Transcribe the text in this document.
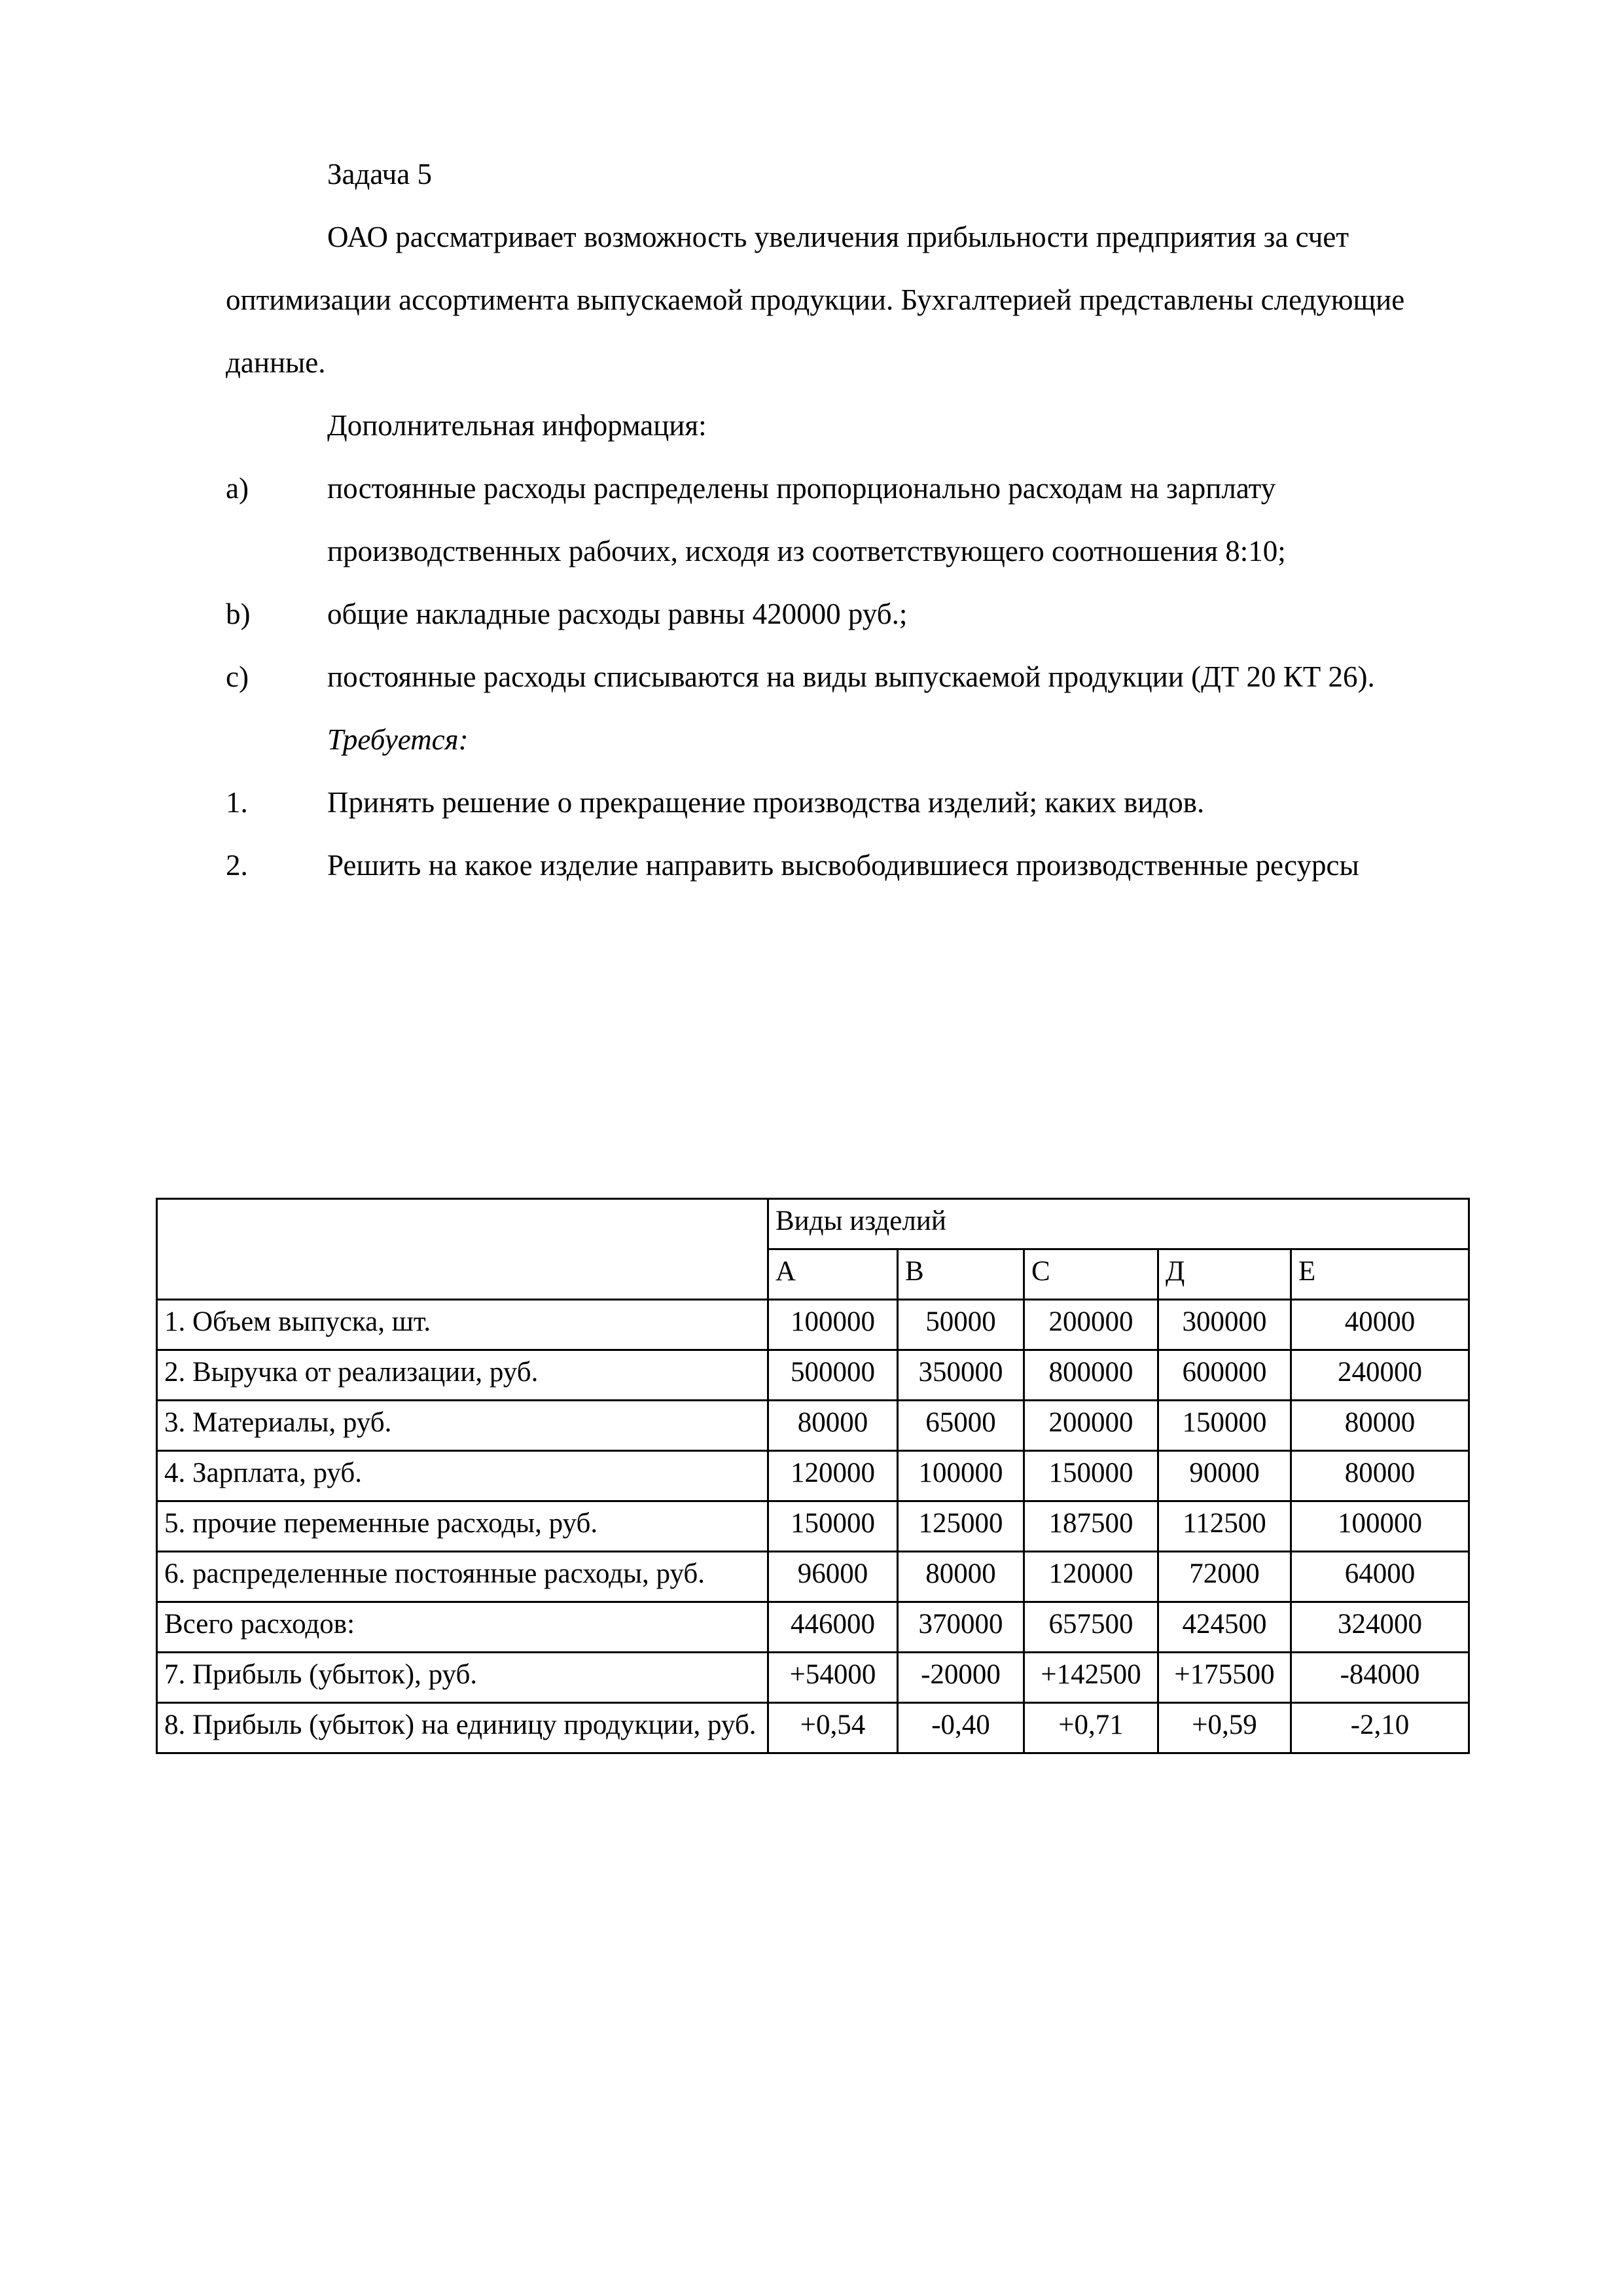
Задача 5

ОАО рассматривает возможность увеличения прибыльности предприятия за счет оптимизации ассортимента выпускаемой продукции. Бухгалтерией представлены следующие данные.

Дополнительная информация:

a)	постоянные расходы распределены пропорционально расходам на зарплату производственных рабочих, исходя из соответствующего соотношения 8:10;

b)	общие накладные расходы равны 420000 руб.;

c)	постоянные расходы списываются на виды выпускаемой продукции (ДТ 20 КТ 26).

Требуется:

1.	Принять решение о прекращение производства изделий; каких видов.

2.	Решить на какое изделие направить высвободившиеся производственные ресурсы

	Виды изделий				
	A	B	C	Д	Е
1. Объем выпуска, шт.	100000	50000	200000	300000	40000
2. Выручка от реализации, руб.	500000	350000	800000	600000	240000
3. Материалы, руб.	80000	65000	200000	150000	80000
4. Зарплата, руб.	120000	100000	150000	90000	80000
5. прочие переменные расходы, руб.	150000	125000	187500	112500	100000
6. распределенные постоянные расходы, руб.	96000	80000	120000	72000	64000
Всего расходов:	446000	370000	657500	424500	324000
7. Прибыль (убыток), руб.	+54000	-20000	+142500	+175500	-84000
8. Прибыль (убыток) на единицу продукции, руб.	+0,54	-0,40	+0,71	+0,59	-2,10
